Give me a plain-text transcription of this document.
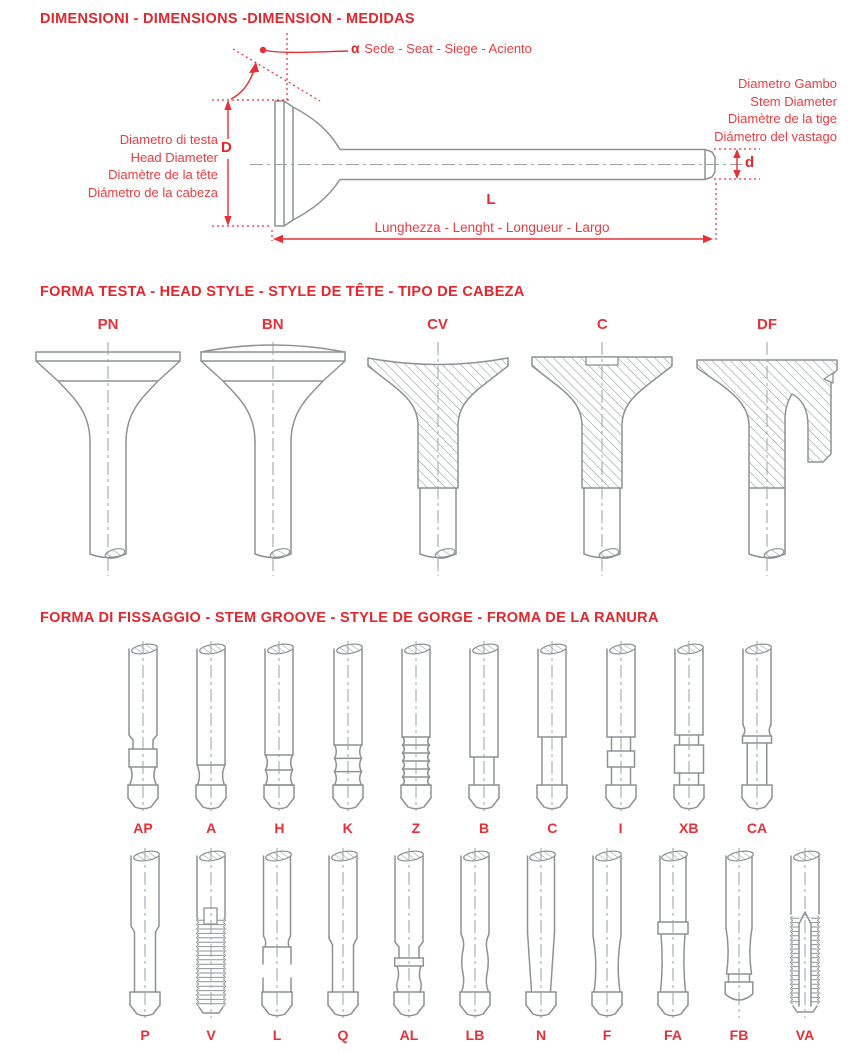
DIMENSIONI - DIMENSIONS -DIMENSION - MEDIDAS
α Sede - Seat - Siege - Aciento
Diametro di testa
Head Diameter
Diamètre de la tête
Diámetro de la cabeza
D
Diametro Gambo
Stem Diameter
Diamètre de la tige
Diámetro del vastago
d
L
Lunghezza - Lenght - Longueur - Largo
FORMA TESTA - HEAD STYLE - STYLE DE TÊTE - TIPO DE CABEZA
PN	BN	CV	C	DF
FORMA DI FISSAGGIO - STEM GROOVE - STYLE DE GORGE - FROMA DE LA RANURA
AP	A	H	K	Z	B	C	I	XB	CA
P	V	L	Q	AL	LB	N	F	FA	FB	VA
